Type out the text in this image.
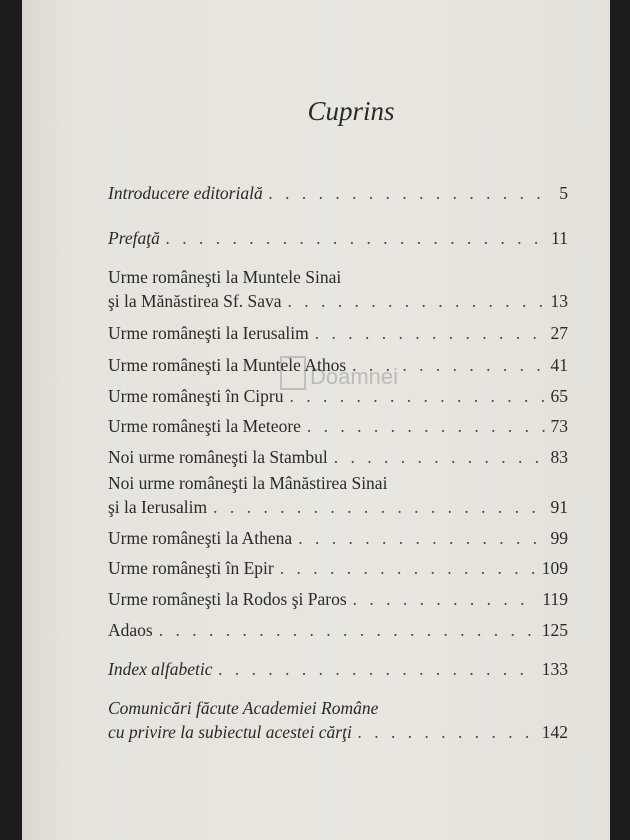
Cuprins
Doamnei
Introducere editorială . . .	5
Prefaţă . . .	11
Urme româneşti la Muntele Sinai
şi la Mănăstirea Sf. Sava . . .	13
Urme româneşti la Ierusalim . . .	27
Urme româneşti la Muntele Athos . . .	41
Urme româneşti în Cipru . . .	65
Urme româneşti la Meteore . . .	73
Noi urme româneşti la Stambul . . .	83
Noi urme româneşti la Mânăstirea Sinai
şi la Ierusalim . . .	91
Urme româneşti la Athena . . .	99
Urme româneşti în Epir . . .	109
Urme româneşti la Rodos şi Paros . . .	119
Adaos . . .	125
Index alfabetic . . .	133
Comunicări făcute Academiei Române
cu privire la subiectul acestei cărţi . . .	142
